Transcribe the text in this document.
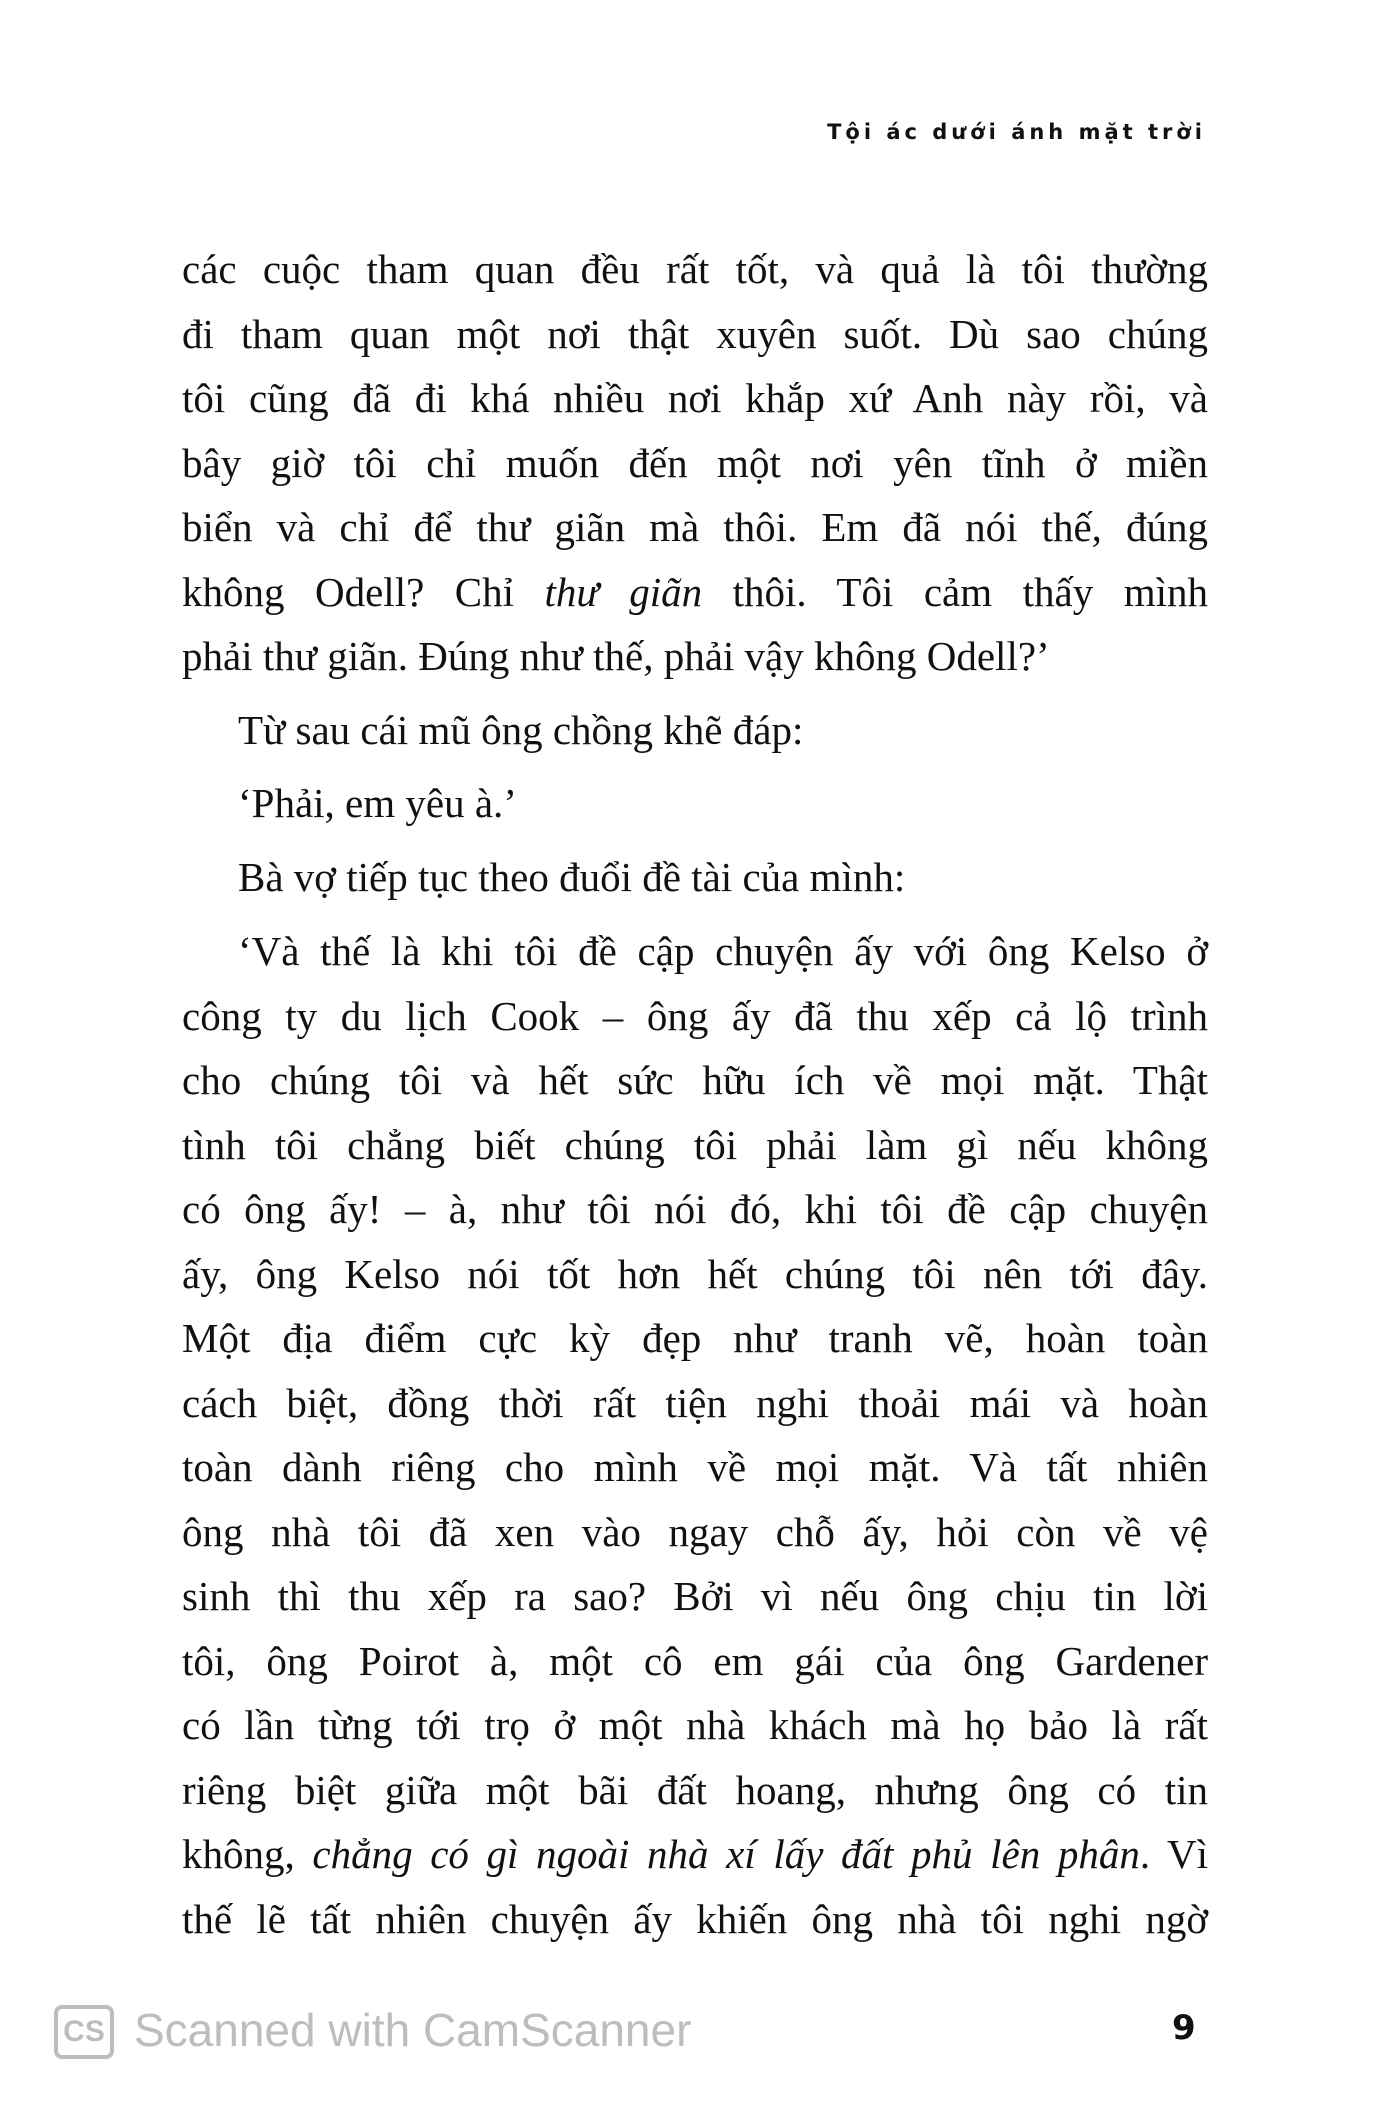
Tội ác dưới ánh mặt trời
các cuộc tham quan đều rất tốt, và quả là tôi thường
đi tham quan một nơi thật xuyên suốt. Dù sao chúng
tôi cũng đã đi khá nhiều nơi khắp xứ Anh này rồi, và
bây giờ tôi chỉ muốn đến một nơi yên tĩnh ở miền
biển và chỉ để thư giãn mà thôi. Em đã nói thế, đúng
không Odell? Chỉ thư giãn thôi. Tôi cảm thấy mình
phải thư giãn. Đúng như thế, phải vậy không Odell?’
Từ sau cái mũ ông chồng khẽ đáp:
‘Phải, em yêu à.’
Bà vợ tiếp tục theo đuổi đề tài của mình:
‘Và thế là khi tôi đề cập chuyện ấy với ông Kelso ở
công ty du lịch Cook – ông ấy đã thu xếp cả lộ trình
cho chúng tôi và hết sức hữu ích về mọi mặt. Thật
tình tôi chẳng biết chúng tôi phải làm gì nếu không
có ông ấy! – à, như tôi nói đó, khi tôi đề cập chuyện
ấy, ông Kelso nói tốt hơn hết chúng tôi nên tới đây.
Một địa điểm cực kỳ đẹp như tranh vẽ, hoàn toàn
cách biệt, đồng thời rất tiện nghi thoải mái và hoàn
toàn dành riêng cho mình về mọi mặt. Và tất nhiên
ông nhà tôi đã xen vào ngay chỗ ấy, hỏi còn về vệ
sinh thì thu xếp ra sao? Bởi vì nếu ông chịu tin lời
tôi, ông Poirot à, một cô em gái của ông Gardener
có lần từng tới trọ ở một nhà khách mà họ bảo là rất
riêng biệt giữa một bãi đất hoang, nhưng ông có tin
không, chẳng có gì ngoài nhà xí lấy đất phủ lên phân. Vì
thế lẽ tất nhiên chuyện ấy khiến ông nhà tôi nghi ngờ
CS Scanned with CamScanner	9
